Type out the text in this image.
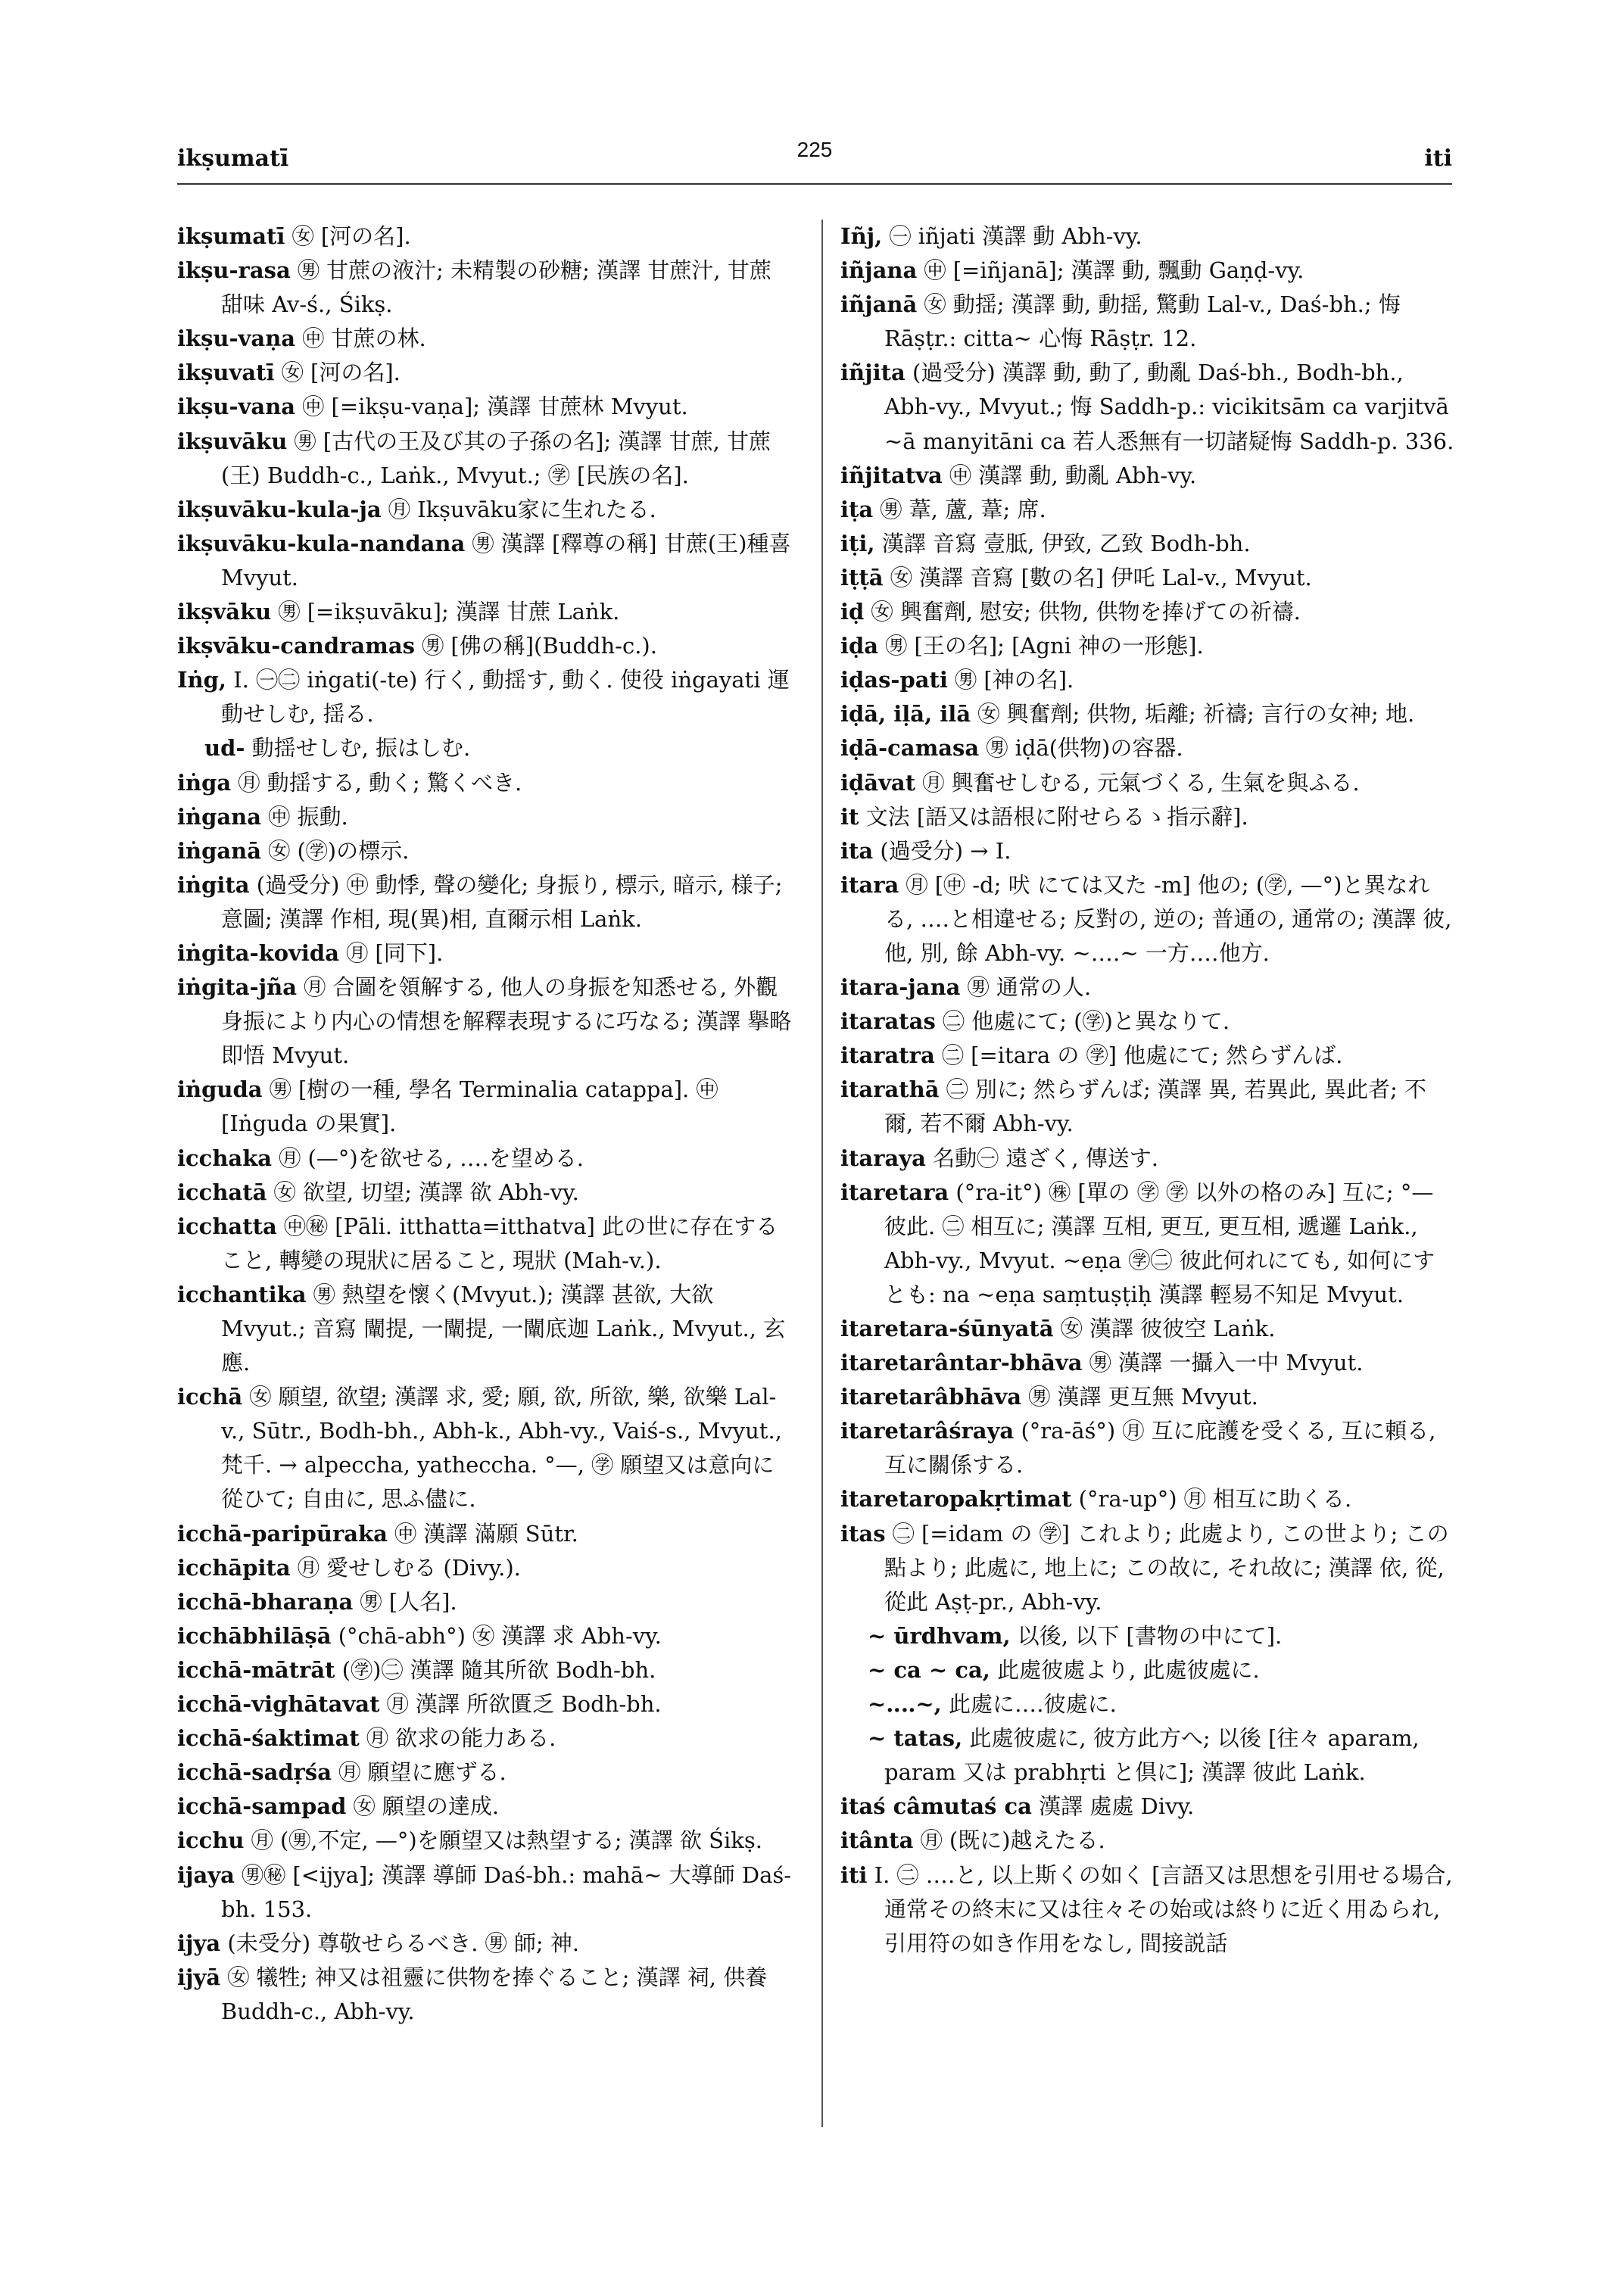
ikṣumatī	225	iti

ikṣumatī ㊛ [河の名].

ikṣu-rasa ㊚ 甘蔗の液汁; 未精製の砂糖; 漢譯 甘蔗汁, 甘蔗甜味 Av-ś., Śikṣ.

ikṣu-vaṇa ㊥ 甘蔗の林.

ikṣuvatī ㊛ [河の名].

ikṣu-vana ㊥ [=ikṣu-vaṇa]; 漢譯 甘蔗林 Mvyut.

ikṣuvāku ㊚ [古代の王及び其の子孫の名]; 漢譯 甘蔗, 甘蔗(王) Buddh-c., Laṅk., Mvyut.; ㊫ [民族の名].

ikṣuvāku-kula-ja ㊊ Ikṣuvāku家に生れたる.

ikṣuvāku-kula-nandana ㊚ 漢譯 [釋尊の稱] 甘蔗(王)種喜 Mvyut.

ikṣvāku ㊚ [=ikṣuvāku]; 漢譯 甘蔗 Laṅk.

ikṣvāku-candramas ㊚ [佛の稱](Buddh-c.).

Iṅg, I. ㊀㊁ iṅgati(-te) 行く, 動揺す, 動く. 使役 iṅgayati 運動せしむ, 揺る.

ud- 動揺せしむ, 振はしむ.

iṅga ㊊ 動揺する, 動く; 驚くべき.

iṅgana ㊥ 振動.

iṅganā ㊛ (㊫)の標示.

iṅgita (過受分) ㊥ 動悸, 聲の變化; 身振り, 標示, 暗示, 様子; 意圖; 漢譯 作相, 現(異)相, 直爾示相 Laṅk.

iṅgita-kovida ㊊ [同下].

iṅgita-jña ㊊ 合圖を領解する, 他人の身振を知悉せる, 外觀身振により内心の情想を解釋表現するに巧なる; 漢譯 擧略即悟 Mvyut.

iṅguda ㊚ [樹の一種, 學名 Terminalia catappa]. ㊥ [Iṅguda の果實].

icchaka ㊊ (—°)を欲せる, ‥‥を望める.

icchatā ㊛ 欲望, 切望; 漢譯 欲 Abh-vy.

icchatta ㊥㊙ [Pāli. itthatta=itthatva] 此の世に存在すること, 轉變の現狀に居ること, 現狀 (Mah-v.).

icchantika ㊚ 熱望を懷く(Mvyut.); 漢譯 甚欲, 大欲 Mvyut.; 音寫 闡提, 一闡提, 一闡底迦 Laṅk., Mvyut., 玄應.

icchā ㊛ 願望, 欲望; 漢譯 求, 愛; 願, 欲, 所欲, 樂, 欲樂 Lal-v., Sūtr., Bodh-bh., Abh-k., Abh-vy., Vaiś-s., Mvyut., 梵千. → alpeccha, yatheccha. °—, ㊫ 願望又は意向に從ひて; 自由に, 思ふ儘に.

icchā-paripūraka ㊥ 漢譯 滿願 Sūtr.

icchāpita ㊊ 愛せしむる (Divy.).

icchā-bharaṇa ㊚ [人名].

icchābhilāṣā (°chā-abh°) ㊛ 漢譯 求 Abh-vy.

icchā-mātrāt (㊫)㊁ 漢譯 隨其所欲 Bodh-bh.

icchā-vighātavat ㊊ 漢譯 所欲匱乏 Bodh-bh.

icchā-śaktimat ㊊ 欲求の能力ある.

icchā-sadṛśa ㊊ 願望に應ずる.

icchā-sampad ㊛ 願望の達成.

icchu ㊊ (㊚,不定, —°)を願望又は熱望する; 漢譯 欲 Śikṣ.

ijaya ㊚㊙ [<ijya]; 漢譯 導師 Daś-bh.: mahā~ 大導師 Daś-bh. 153.

ijya (未受分) 尊敬せらるべき. ㊚ 師; 神.

ijyā ㊛ 犧牲; 神又は祖靈に供物を捧ぐること; 漢譯 祠, 供養 Buddh-c., Abh-vy.

Iñj, ㊀ iñjati 漢譯 動 Abh-vy.

iñjana ㊥ [=iñjanā]; 漢譯 動, 飄動 Gaṇḍ-vy.

iñjanā ㊛ 動揺; 漢譯 動, 動揺, 驚動 Lal-v., Daś-bh.; 悔 Rāṣṭr.: citta~ 心悔 Rāṣṭr. 12.

iñjita (過受分) 漢譯 動, 動了, 動亂 Daś-bh., Bodh-bh., Abh-vy., Mvyut.; 悔 Saddh-p.: vicikitsām ca varjitvā ~ā manyitāni ca 若人悉無有一切諸疑悔 Saddh-p. 336.

iñjitatva ㊥ 漢譯 動, 動亂 Abh-vy.

iṭa ㊚ 葦, 蘆, 葦; 席.

iṭi, 漢譯 音寫 壹胝, 伊致, 乙致 Bodh-bh.

iṭṭā ㊛ 漢譯 音寫 [數の名] 伊吒 Lal-v., Mvyut.

iḍ ㊛ 興奮劑, 慰安; 供物, 供物を捧げての祈禱.

iḍa ㊚ [王の名]; [Agni 神の一形態].

iḍas-pati ㊚ [神の名].

iḍā, iḷā, ilā ㊛ 興奮劑; 供物, 垢離; 祈禱; 言行の女神; 地.

iḍā-camasa ㊚ iḍā(供物)の容器.

iḍāvat ㊊ 興奮せしむる, 元氣づくる, 生氣を與ふる.

it 文法 [語又は語根に附せらるゝ指示辭].

ita (過受分) → I.

itara ㊊ [㊥ -d; 吠 にては又た -m] 他の; (㊫, —°)と異なれる, ‥‥と相違せる; 反對の, 逆の; 普通の, 通常の; 漢譯 彼, 他, 別, 餘 Abh-vy. ~‥‥~ 一方‥‥他方.

itara-jana ㊚ 通常の人.

itaratas ㊁ 他處にて; (㊫)と異なりて.

itaratra ㊁ [=itara の ㊫] 他處にて; 然らずんば.

itarathā ㊁ 別に; 然らずんば; 漢譯 異, 若異此, 異此者; 不爾, 若不爾 Abh-vy.

itaraya 名動㊀ 遠ざく, 傳送す.

itaretara (°ra-it°) ㊑ [單の ㊫ ㊫ 以外の格のみ] 互に; °— 彼此. ㊁ 相互に; 漢譯 互相, 更互, 更互相, 遞邏 Laṅk., Abh-vy., Mvyut. ~eṇa ㊫㊁ 彼此何れにても, 如何にすとも: na ~eṇa saṃtuṣṭiḥ 漢譯 輕易不知足 Mvyut.

itaretara-śūnyatā ㊛ 漢譯 彼彼空 Laṅk.

itaretarântar-bhāva ㊚ 漢譯 一攝入一中 Mvyut.

itaretarâbhāva ㊚ 漢譯 更互無 Mvyut.

itaretarâśraya (°ra-āś°) ㊊ 互に庇護を受くる, 互に頼る, 互に關係する.

itaretaropakṛtimat (°ra-up°) ㊊ 相互に助くる.

itas ㊁ [=idam の ㊫] これより; 此處より, この世より; この點より; 此處に, 地上に; この故に, それ故に; 漢譯 依, 從, 從此 Aṣṭ-pr., Abh-vy.

~ ūrdhvam, 以後, 以下 [書物の中にて].

~ ca ~ ca, 此處彼處より, 此處彼處に.

~‥‥~, 此處に‥‥彼處に.

~ tatas, 此處彼處に, 彼方此方へ; 以後 [往々 aparam, param 又は prabhṛti と倶に]; 漢譯 彼此 Laṅk.

itaś câmutaś ca 漢譯 處處 Divy.

itânta ㊊ (既に)越えたる.

iti I. ㊁ ‥‥と, 以上斯くの如く [言語又は思想を引用せる場合, 通常その終末に又は往々その始或は終りに近く用ゐられ, 引用符の如き作用をなし, 間接説話
